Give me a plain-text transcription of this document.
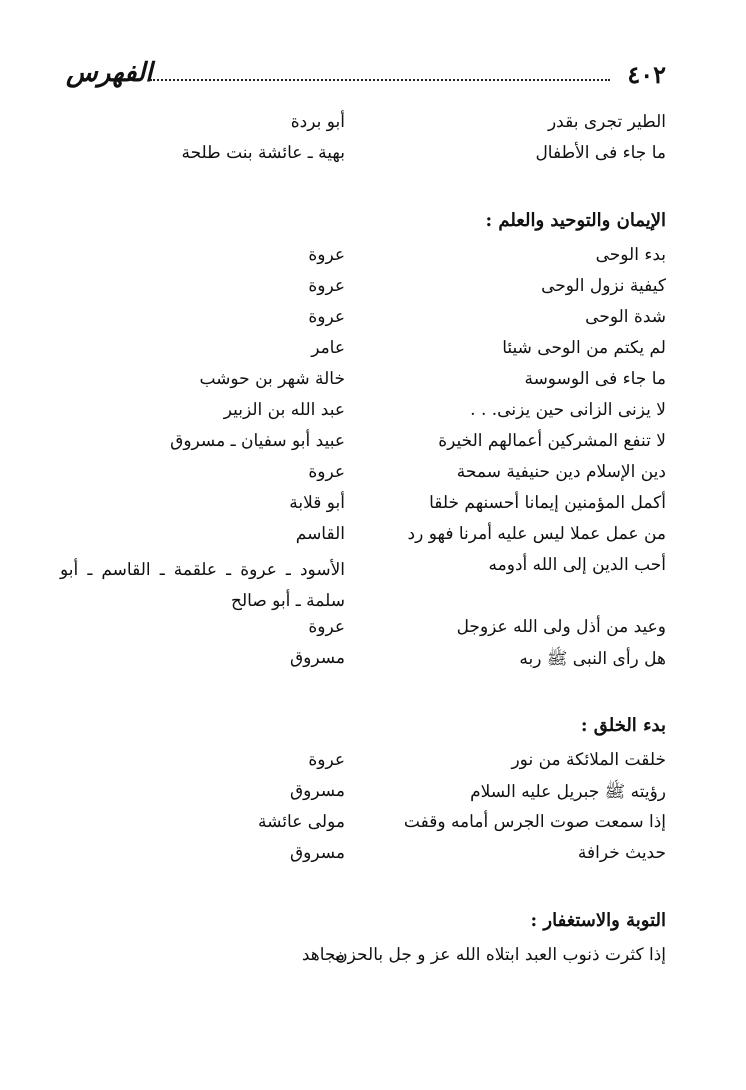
الفهرس	٤٠٢
الطير تجرى بقدر
أبو بردة
ما جاء فى الأطفال
بهية ـ عائشة بنت طلحة
الإيمان والتوحيد والعلم :
بدء الوحى
عروة
كيفية نزول الوحى
عروة
شدة الوحى
عروة
لم يكتم من الوحى شيئا
عامر
ما جاء فى الوسوسة
خالة شهر بن حوشب
لا يزنى الزانى حين يزنى. . .
عبد الله بن الزبير
لا تنفع المشركين أعمالهم الخيرة
عبيد أبو سفيان ـ مسروق
دين الإسلام دين حنيفية سمحة
عروة
أكمل المؤمنين إيمانا أحسنهم خلقا
أبو قلابة
من عمل عملا ليس عليه أمرنا فهو رد
القاسم
أحب الدين إلى الله أدومه
الأسود ـ عروة ـ علقمة ـ القاسم ـ أبو سلمة ـ أبو صالح
وعيد من أذل ولى الله عزوجل
عروة
هل رأى النبى ﷺ ربه
مسروق
بدء الخلق :
خلقت الملائكة من نور
عروة
رؤيته ﷺ جبريل عليه السلام
مسروق
إذا سمعت صوت الجرس أمامه وقفت
مولى عائشة
حديث خرافة
مسروق
التوبة والاستغفار :
إذا كثرت ذنوب العبد ابتلاه الله عز و جل بالحزن
مجاهد
